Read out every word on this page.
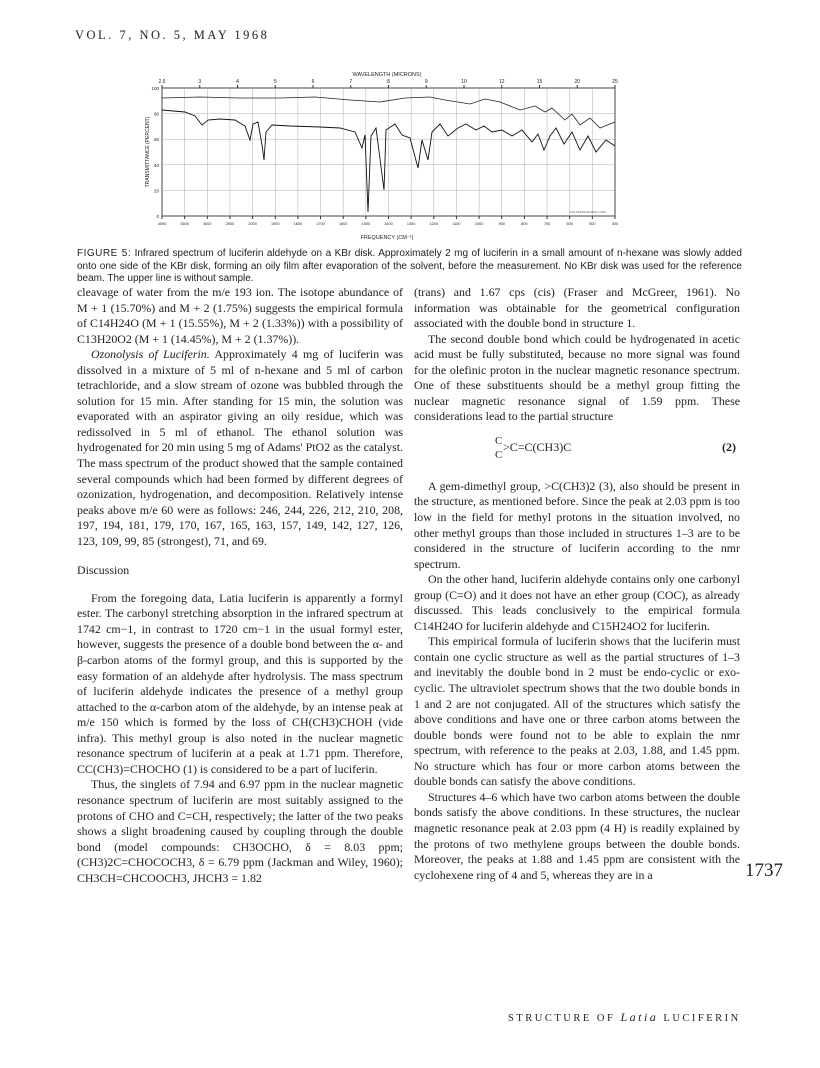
VOL. 7, NO. 5, MAY 1968
2.5	3	4	5	6	7	8	9	10	12	15	20	25
4000	3500	3000	2500	2000	1900	1800	1700	1600	1500	1400	1300	1200	1100	1000	900	800	700	600	500	400
100
80
60
40
20
0
WAVELENGTH (MICRONS)
TRANSMITTANCE (PERCENT)
FREQUENCY (CM⁻¹)
THE PERKIN-ELMER CORP.
FIGURE 5: Infrared spectrum of luciferin aldehyde on a KBr disk. Approximately 2 mg of luciferin in a small amount of n-hexane was slowly added onto one side of the KBr disk, forming an oily film after evaporation of the solvent, before the measurement. No KBr disk was used for the reference beam. The upper line is without sample.

cleavage of water from the m/e 193 ion. The isotope abundance of M + 1 (15.70%) and M + 2 (1.75%) suggests the empirical formula of C14H24O (M + 1 (15.55%), M + 2 (1.33%)) with a possibility of C13H20O2 (M + 1 (14.45%), M + 2 (1.37%)).

Ozonolysis of Luciferin. Approximately 4 mg of luciferin was dissolved in a mixture of 5 ml of n-hexane and 5 ml of carbon tetrachloride, and a slow stream of ozone was bubbled through the solution for 15 min. After standing for 15 min, the solution was evaporated with an aspirator giving an oily residue, which was redissolved in 5 ml of ethanol. The ethanol solution was hydrogenated for 20 min using 5 mg of Adams' PtO2 as the catalyst. The mass spectrum of the product showed that the sample contained several compounds which had been formed by different degrees of ozonization, hydrogenation, and decomposition. Relatively intense peaks above m/e 60 were as follows: 246, 244, 226, 212, 210, 208, 197, 194, 181, 179, 170, 167, 165, 163, 157, 149, 142, 127, 126, 123, 109, 99, 85 (strongest), 71, and 69.

Discussion

From the foregoing data, Latia luciferin is apparently a formyl ester. The carbonyl stretching absorption in the infrared spectrum at 1742 cm−1, in contrast to 1720 cm−1 in the usual formyl ester, however, suggests the presence of a double bond between the α- and β-carbon atoms of the formyl group, and this is supported by the easy formation of an aldehyde after hydrolysis. The mass spectrum of luciferin aldehyde indicates the presence of a methyl group attached to the α-carbon atom of the aldehyde, by an intense peak at m/e 150 which is formed by the loss of CH(CH3)CHOH (vide infra). This methyl group is also noted in the nuclear magnetic resonance spectrum of luciferin at a peak at 1.71 ppm. Therefore, CC(CH3)=CHOCHO (1) is considered to be a part of luciferin.

Thus, the singlets of 7.94 and 6.97 ppm in the nuclear magnetic resonance spectrum of luciferin are most suitably assigned to the protons of CHO and C=CH, respectively; the latter of the two peaks shows a slight broadening caused by coupling through the double bond (model compounds: CH3OCHO, δ = 8.03 ppm; (CH3)2C=CHOCOCH3, δ = 6.79 ppm (Jackman and Wiley, 1960); CH3CH=CHCOOCH3, JHCH3 = 1.82

(trans) and 1.67 cps (cis) (Fraser and McGreer, 1961). No information was obtainable for the geometrical configuration associated with the double bond in structure 1.

The second double bond which could be hydrogenated in acetic acid must be fully substituted, because no more signal was found for the olefinic proton in the nuclear magnetic resonance spectrum. One of these substituents should be a methyl group fitting the nuclear magnetic resonance signal of 1.59 ppm. These considerations lead to the partial structure

C
C
>C=C(CH3)C	(2)

A gem-dimethyl group, >C(CH3)2 (3), also should be present in the structure, as mentioned before. Since the peak at 2.03 ppm is too low in the field for methyl protons in the situation involved, no other methyl groups than those included in structures 1–3 are to be considered in the structure of luciferin according to the nmr spectrum.

On the other hand, luciferin aldehyde contains only one carbonyl group (C=O) and it does not have an ether group (COC), as already discussed. This leads conclusively to the empirical formula C14H24O for luciferin aldehyde and C15H24O2 for luciferin.

This empirical formula of luciferin shows that the luciferin must contain one cyclic structure as well as the partial structures of 1–3 and inevitably the double bond in 2 must be endo-cyclic or exo-cyclic. The ultraviolet spectrum shows that the two double bonds in 1 and 2 are not conjugated. All of the structures which satisfy the above conditions and have one or three carbon atoms between the double bonds were found not to be able to explain the nmr spectrum, with reference to the peaks at 2.03, 1.88, and 1.45 ppm. No structure which has four or more carbon atoms between the double bonds can satisfy the above conditions.

Structures 4–6 which have two carbon atoms between the double bonds satisfy the above conditions. In these structures, the nuclear magnetic resonance peak at 2.03 ppm (4 H) is readily explained by the protons of two methylene groups between the double bonds. Moreover, the peaks at 1.88 and 1.45 ppm are consistent with the cyclohexene ring of 4 and 5, whereas they are in a	1737
STRUCTURE OF Latia LUCIFERIN
